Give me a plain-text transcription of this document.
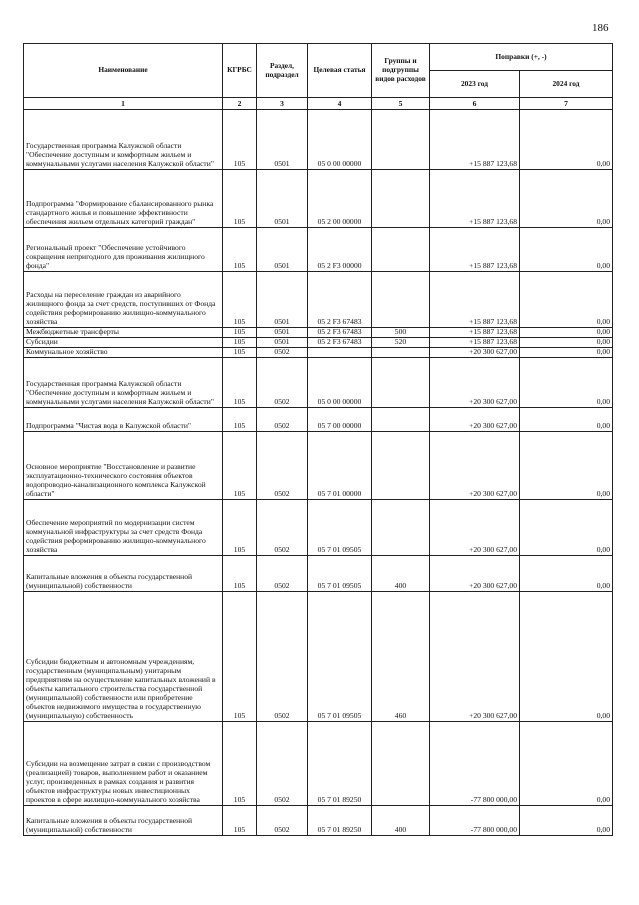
186
Наименование	КГРБС	Раздел, подраздел	Целевая статья	Группы и подгруппы видов расходов	Поправки (+, -)	
					2023 год	2024 год
1	2	3	4	5	6	7
Государственная программа Калужской области "Обеспечение доступным и комфортным жильем и коммунальными услугами населения Калужской области"	105	0501	05 0 00 00000		+15 887 123,68	0,00
Подпрограмма "Формирование сбалансированного рынка стандартного жилья и повышение эффективности обеспечения жильем отдельных категорий граждан"	105	0501	05 2 00 00000		+15 887 123,68	0,00
Региональный проект "Обеспечение устойчивого сокращения непригодного для проживания жилищного фонда"	105	0501	05 2 F3 00000		+15 887 123,68	0,00
Расходы на переселение граждан из аварийного жилищного фонда за счет средств, поступивших от Фонда содействия реформированию жилищно-коммунального хозяйства	105	0501	05 2 F3 67483		+15 887 123,68	0,00
Межбюджетные трансферты	105	0501	05 2 F3 67483	500	+15 887 123,68	0,00
Субсидии	105	0501	05 2 F3 67483	520	+15 887 123,68	0,00
Коммунальное хозяйство	105	0502			+20 300 627,00	0,00
Государственная программа Калужской области "Обеспечение доступным и комфортным жильем и коммунальными услугами населения Калужской области"	105	0502	05 0 00 00000		+20 300 627,00	0,00
Подпрограмма "Чистая вода в Калужской области"	105	0502	05 7 00 00000		+20 300 627,00	0,00
Основное мероприятие "Восстановление и развитие эксплуатационно-технического состояния объектов водопроводно-канализационного комплекса Калужской области"	105	0502	05 7 01 00000		+20 300 627,00	0,00
Обеспечение мероприятий по модернизации систем коммунальной инфраструктуры за счет средств Фонда содействия реформированию жилищно-коммунального хозяйства	105	0502	05 7 01 09505		+20 300 627,00	0,00
Капитальные вложения в объекты государственной (муниципальной) собственности	105	0502	05 7 01 09505	400	+20 300 627,00	0,00
Субсидии бюджетным и автономным учреждениям, государственным (муниципальным) унитарным предприятиям на осуществление капитальных вложений в объекты капитального строительства государственной (муниципальной) собственности или приобретение объектов недвижимого имущества в государственную (муниципальную) собственность	105	0502	05 7 01 09505	460	+20 300 627,00	0,00
Субсидии на возмещение затрат в связи с производством (реализацией) товаров, выполнением работ и оказанием услуг, произведенных в рамках создания и развития объектов инфраструктуры новых инвестиционных проектов в сфере жилищно-коммунального хозяйства	105	0502	05 7 01 89250		-77 800 000,00	0,00
Капитальные вложения в объекты государственной (муниципальной) собственности	105	0502	05 7 01 89250	400	-77 800 000,00	0,00
